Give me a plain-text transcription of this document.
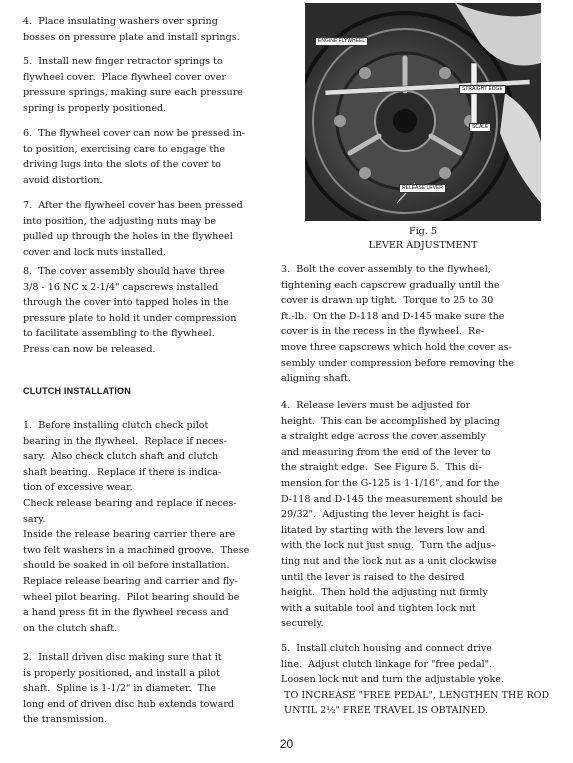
4.  Place insulating washers over spring
bosses on pressure plate and install springs.
5.  Install new finger retractor springs to
flywheel cover.  Place flywheel cover over
pressure springs, making sure each pressure
spring is properly positioned.
6.  The flywheel cover can now be pressed in-
to position, exercising care to engage the
driving lugs into the slots of the cover to
avoid distortion.
7.  After the flywheel cover has been pressed
into position, the adjusting nuts may be
pulled up through the holes in the flywheel
cover and lock nuts installed.
8.  The cover assembly should have three
3/8 - 16 NC x 2-1/4" capscrews installed
through the cover into tapped holes in the
pressure plate to hold it under compression
to facilitate assembling to the flywheel.
Press can now be released.
1.  Before installing clutch check pilot
bearing in the flywheel.  Replace if neces-
sary.  Also check clutch shaft and clutch
shaft bearing.  Replace if there is indica-
tion of excessive wear.
Check release bearing and replace if neces-
sary.
Inside the release bearing carrier there are
two felt washers in a machined groove.  These
should be soaked in oil before installation.
Replace release bearing and carrier and fly-
wheel pilot bearing.  Pilot bearing should be
a hand press fit in the flywheel recess and
on the clutch shaft.
2.  Install driven disc making sure that it
is properly positioned, and install a pilot
shaft.  Spline is 1-1/2" in diameter.  The
long end of driven disc hub extends toward
the transmission.
CLUTCH INSTALLATION
ENGINE FLYWHEEL
STRAIGHT EDGE
SCALE
RELEASE LEVER
Fig. 5
LEVER ADJUSTMENT
3.  Bolt the cover assembly to the flywheel,
tightening each capscrew gradually until the
cover is drawn up tight.  Torque to 25 to 30
ft.-lb.  On the D-118 and D-145 make sure the
cover is in the recess in the flywheel.  Re-
move three capscrews which hold the cover as-
sembly under compression before removing the
aligning shaft.
4.  Release levers must be adjusted for
height.  This can be accomplished by placing
a straight edge across the cover assembly
and measuring from the end of the lever to
the straight edge.  See Figure 5.  This di-
mension for the G-125 is 1-1/16", and for the
D-118 and D-145 the measurement should be
29/32".  Adjusting the lever height is faci-
litated by starting with the levers low and
with the lock nut just snug.  Turn the adjus-
ting nut and the lock nut as a unit clockwise
until the lever is raised to the desired
height.  Then hold the adjusting nut firmly
with a suitable tool and tighten lock nut
securely.
5.  Install clutch housing and connect drive
line.  Adjust clutch linkage for "free pedal".
Loosen lock nut and turn the adjustable yoke.
TO INCREASE "FREE PEDAL", LENGTHEN THE ROD
UNTIL 2½" FREE TRAVEL IS OBTAINED.
20
